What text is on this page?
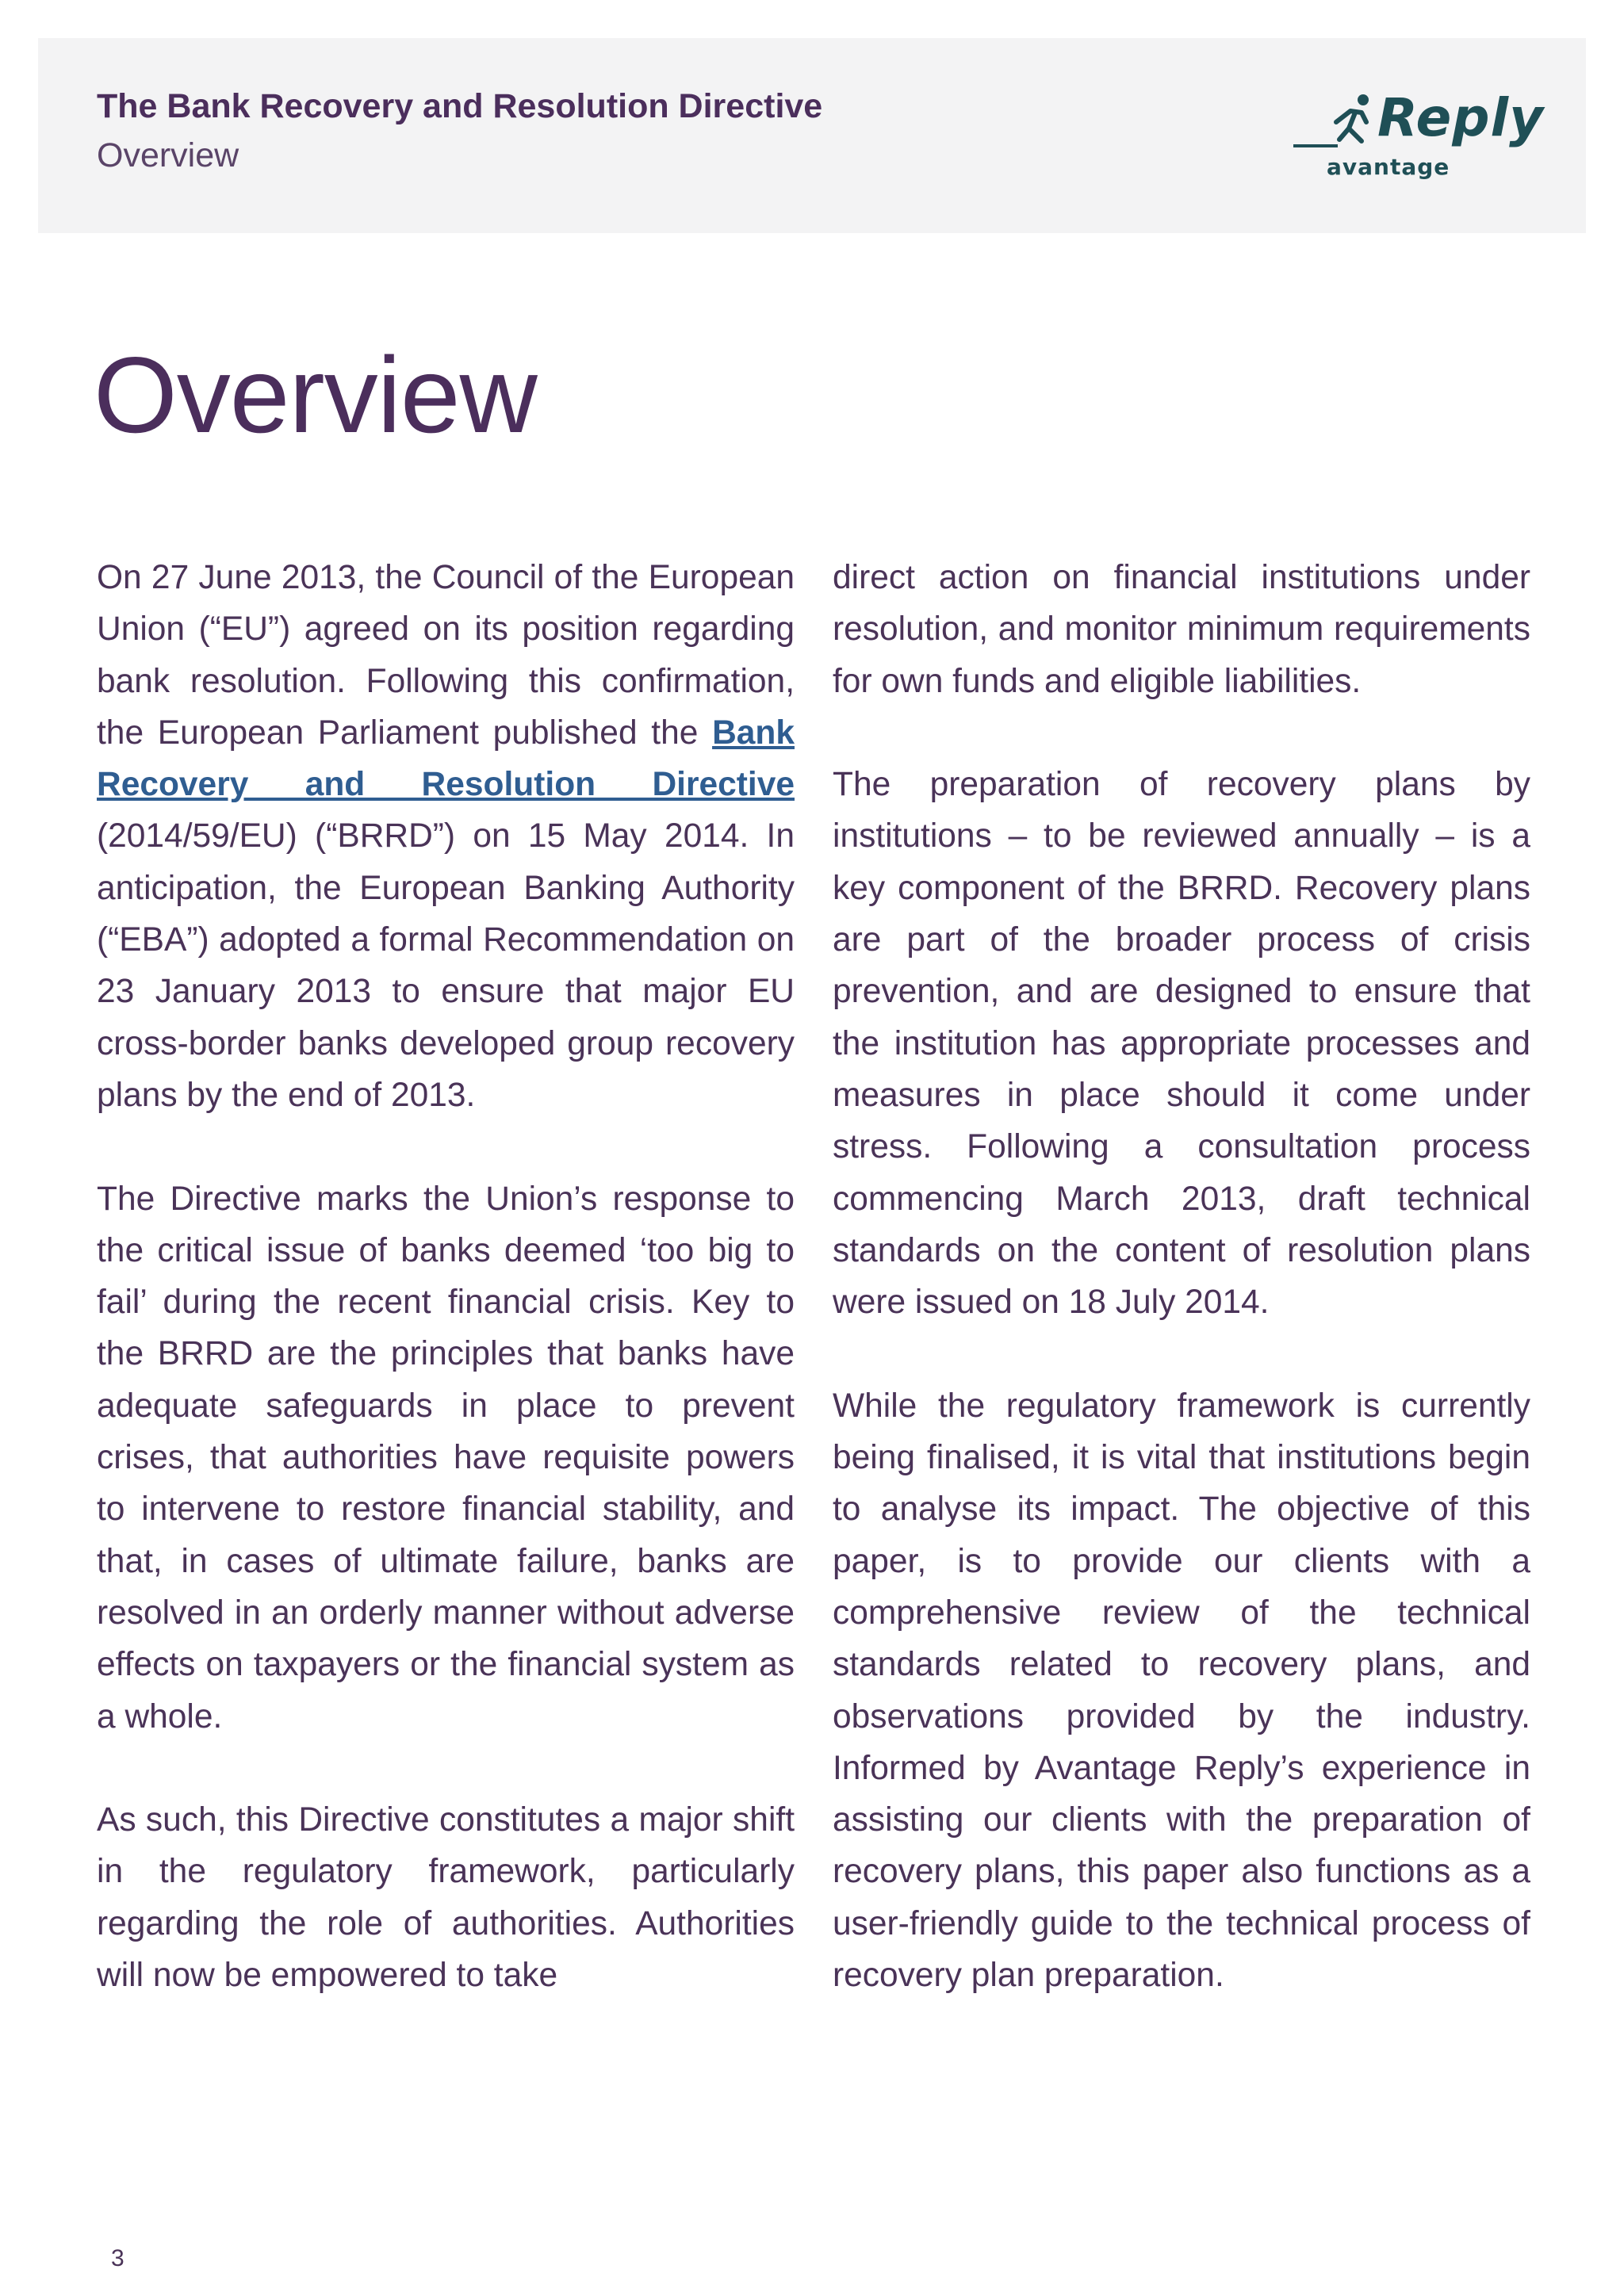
The Bank Recovery and Resolution Directive
Overview
Reply
avantage
Overview

On 27 June 2013, the Council of the European Union (“EU”) agreed on its position regarding bank resolution. Following this confirmation, the European Parliament published the Bank Recovery and Resolution Directive (2014/59/EU) (“BRRD”) on 15 May 2014. In anticipation, the European Banking Authority (“EBA”) adopted a formal Recommendation on 23 January 2013 to ensure that major EU cross-border banks developed group recovery plans by the end of 2013.

The Directive marks the Union’s response to the critical issue of banks deemed ‘too big to fail’ during the recent financial crisis. Key to the BRRD are the principles that banks have adequate safeguards in place to prevent crises, that authorities have requisite powers to intervene to restore financial stability, and that, in cases of ultimate failure, banks are resolved in an orderly manner without adverse effects on taxpayers or the financial system as a whole.

As such, this Directive constitutes a major shift in the regulatory framework, particularly regarding the role of authorities. Authorities will now be empowered to take

direct action on financial institutions under resolution, and monitor minimum requirements for own funds and eligible liabilities.

The preparation of recovery plans by institutions – to be reviewed annually – is a key component of the BRRD. Recovery plans are part of the broader process of crisis prevention, and are designed to ensure that the institution has appropriate processes and measures in place should it come under stress. Following a consultation process commencing March 2013, draft technical standards on the content of resolution plans were issued on 18 July 2014.

While the regulatory framework is currently being finalised, it is vital that institutions begin to analyse its impact. The objective of this paper, is to provide our clients with a comprehensive review of the technical standards related to recovery plans, and observations provided by the industry. Informed by Avantage Reply’s experience in assisting our clients with the preparation of recovery plans, this paper also functions as a user-friendly guide to the technical process of recovery plan preparation.

3
